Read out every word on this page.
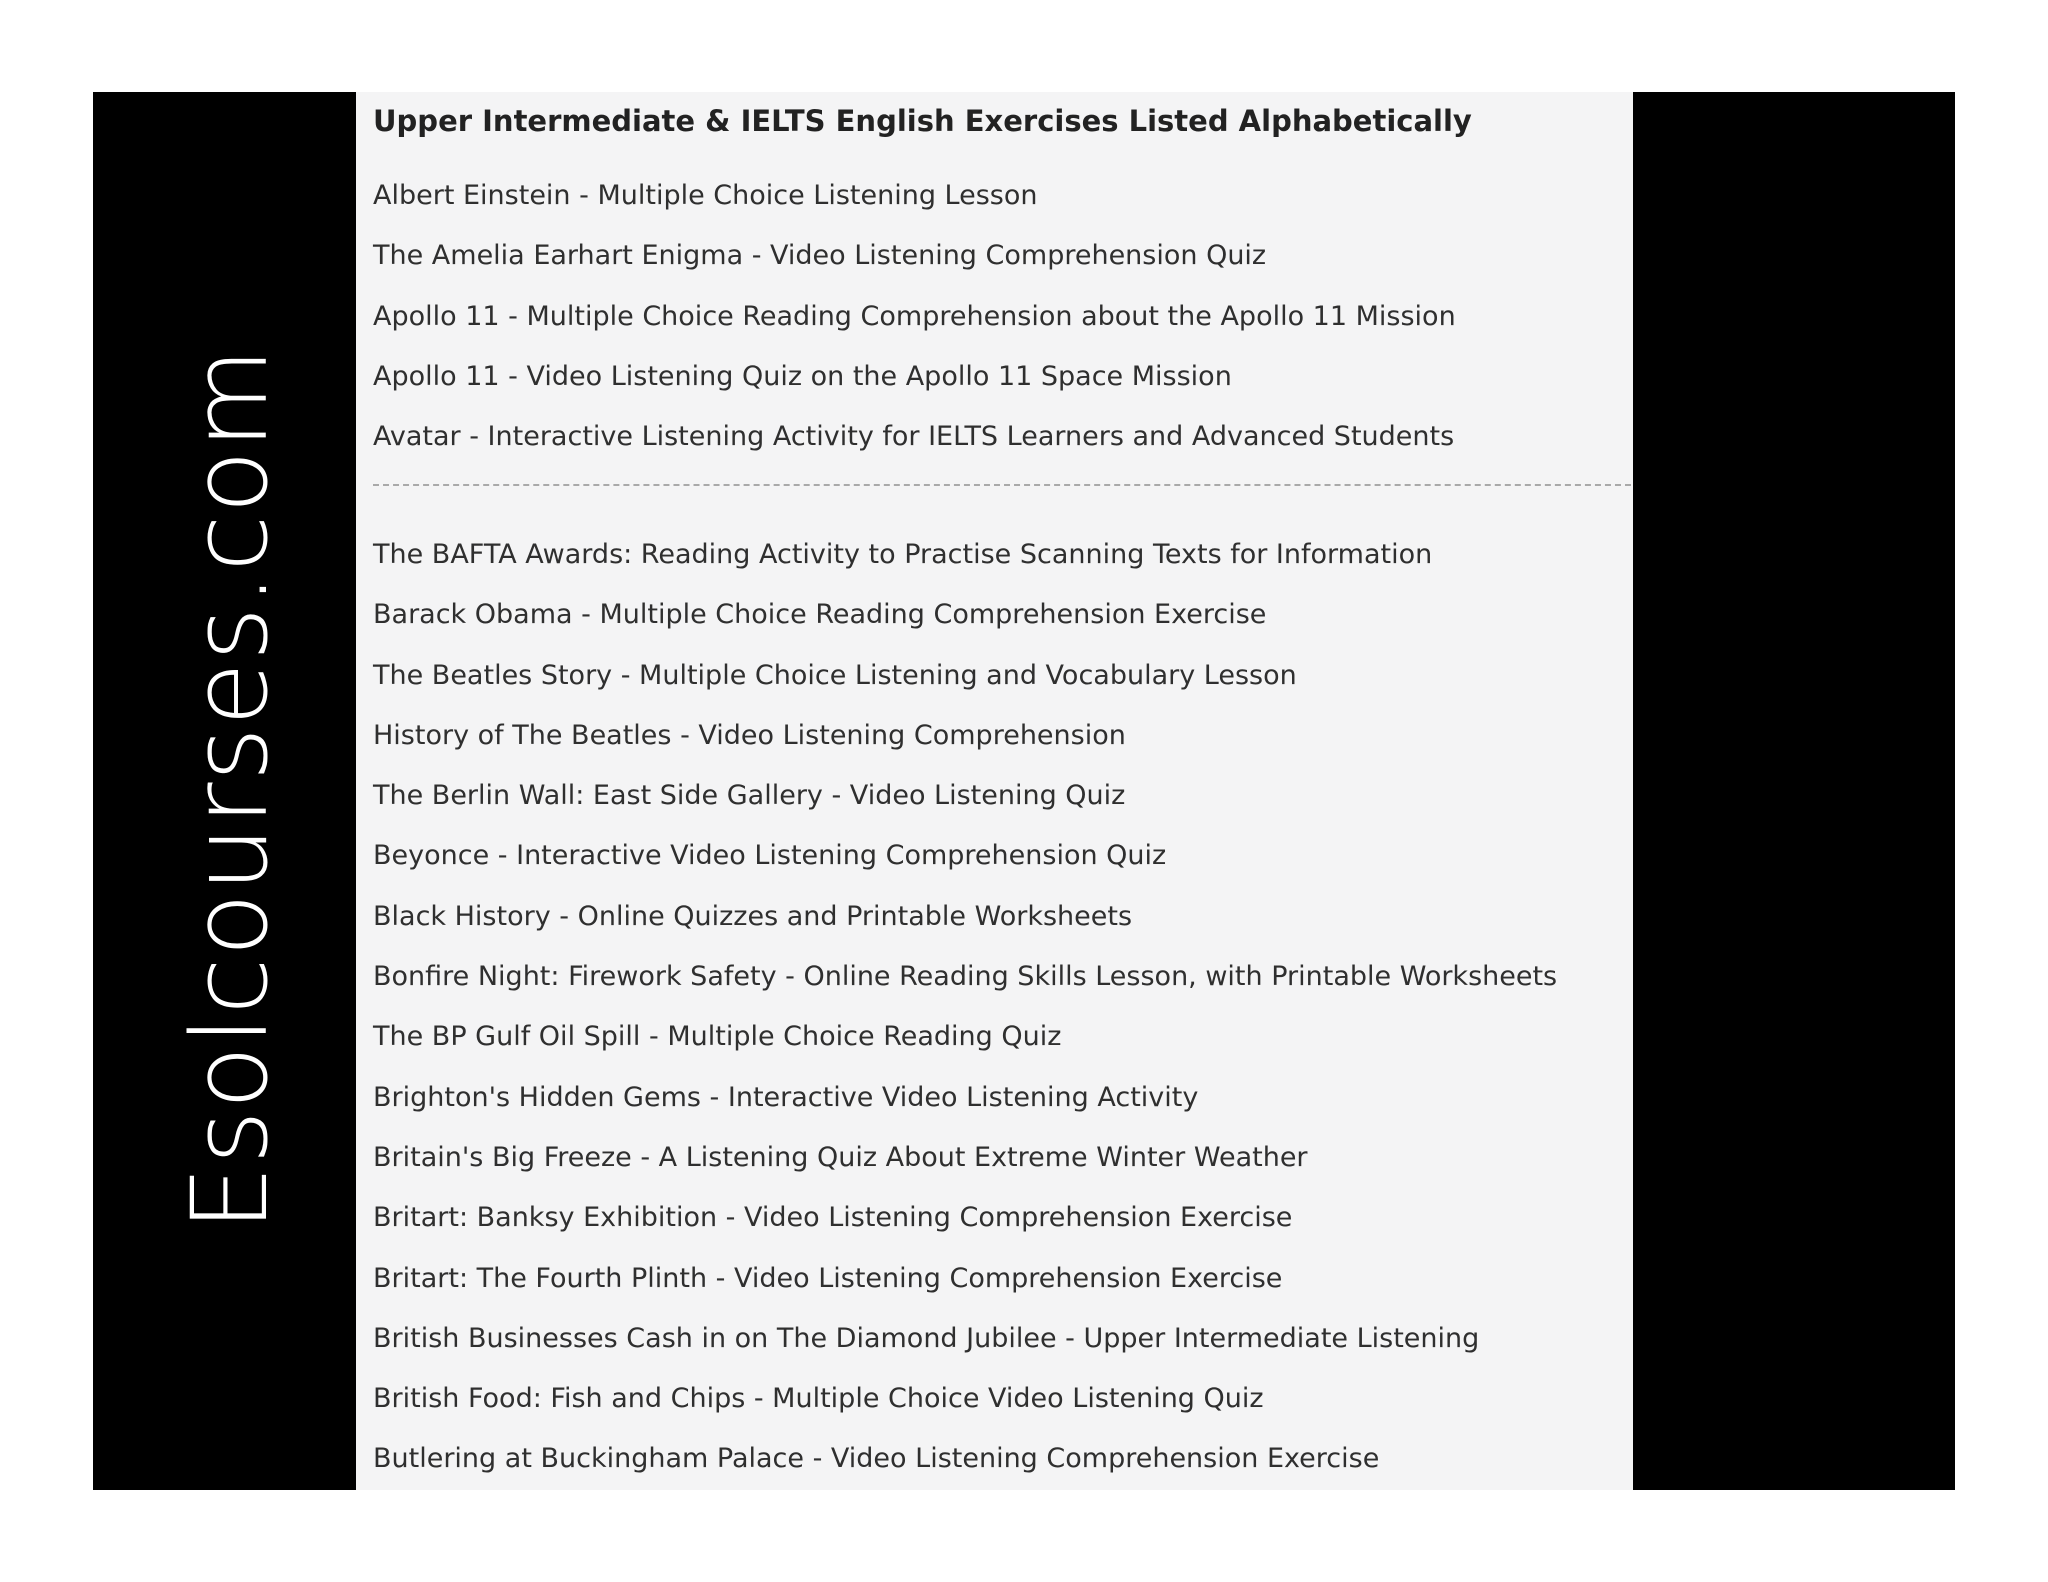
Esolcourses.com
Upper Intermediate & IELTS English Exercises Listed Alphabetically
Albert Einstein - Multiple Choice Listening Lesson
The Amelia Earhart Enigma - Video Listening Comprehension Quiz
Apollo 11 - Multiple Choice Reading Comprehension about the Apollo 11 Mission
Apollo 11 - Video Listening Quiz on the Apollo 11 Space Mission
Avatar - Interactive Listening Activity for IELTS Learners and Advanced Students
The BAFTA Awards: Reading Activity to Practise Scanning Texts for Information
Barack Obama - Multiple Choice Reading Comprehension Exercise
The Beatles Story - Multiple Choice Listening and Vocabulary Lesson
History of The Beatles - Video Listening Comprehension
The Berlin Wall: East Side Gallery - Video Listening Quiz
Beyonce - Interactive Video Listening Comprehension Quiz
Black History - Online Quizzes and Printable Worksheets
Bonfire Night: Firework Safety - Online Reading Skills Lesson, with Printable Worksheets
The BP Gulf Oil Spill - Multiple Choice Reading Quiz
Brighton's Hidden Gems - Interactive Video Listening Activity
Britain's Big Freeze - A Listening Quiz About Extreme Winter Weather
Britart: Banksy Exhibition - Video Listening Comprehension Exercise
Britart: The Fourth Plinth - Video Listening Comprehension Exercise
British Businesses Cash in on The Diamond Jubilee - Upper Intermediate Listening
British Food: Fish and Chips - Multiple Choice Video Listening Quiz
Butlering at Buckingham Palace - Video Listening Comprehension Exercise
